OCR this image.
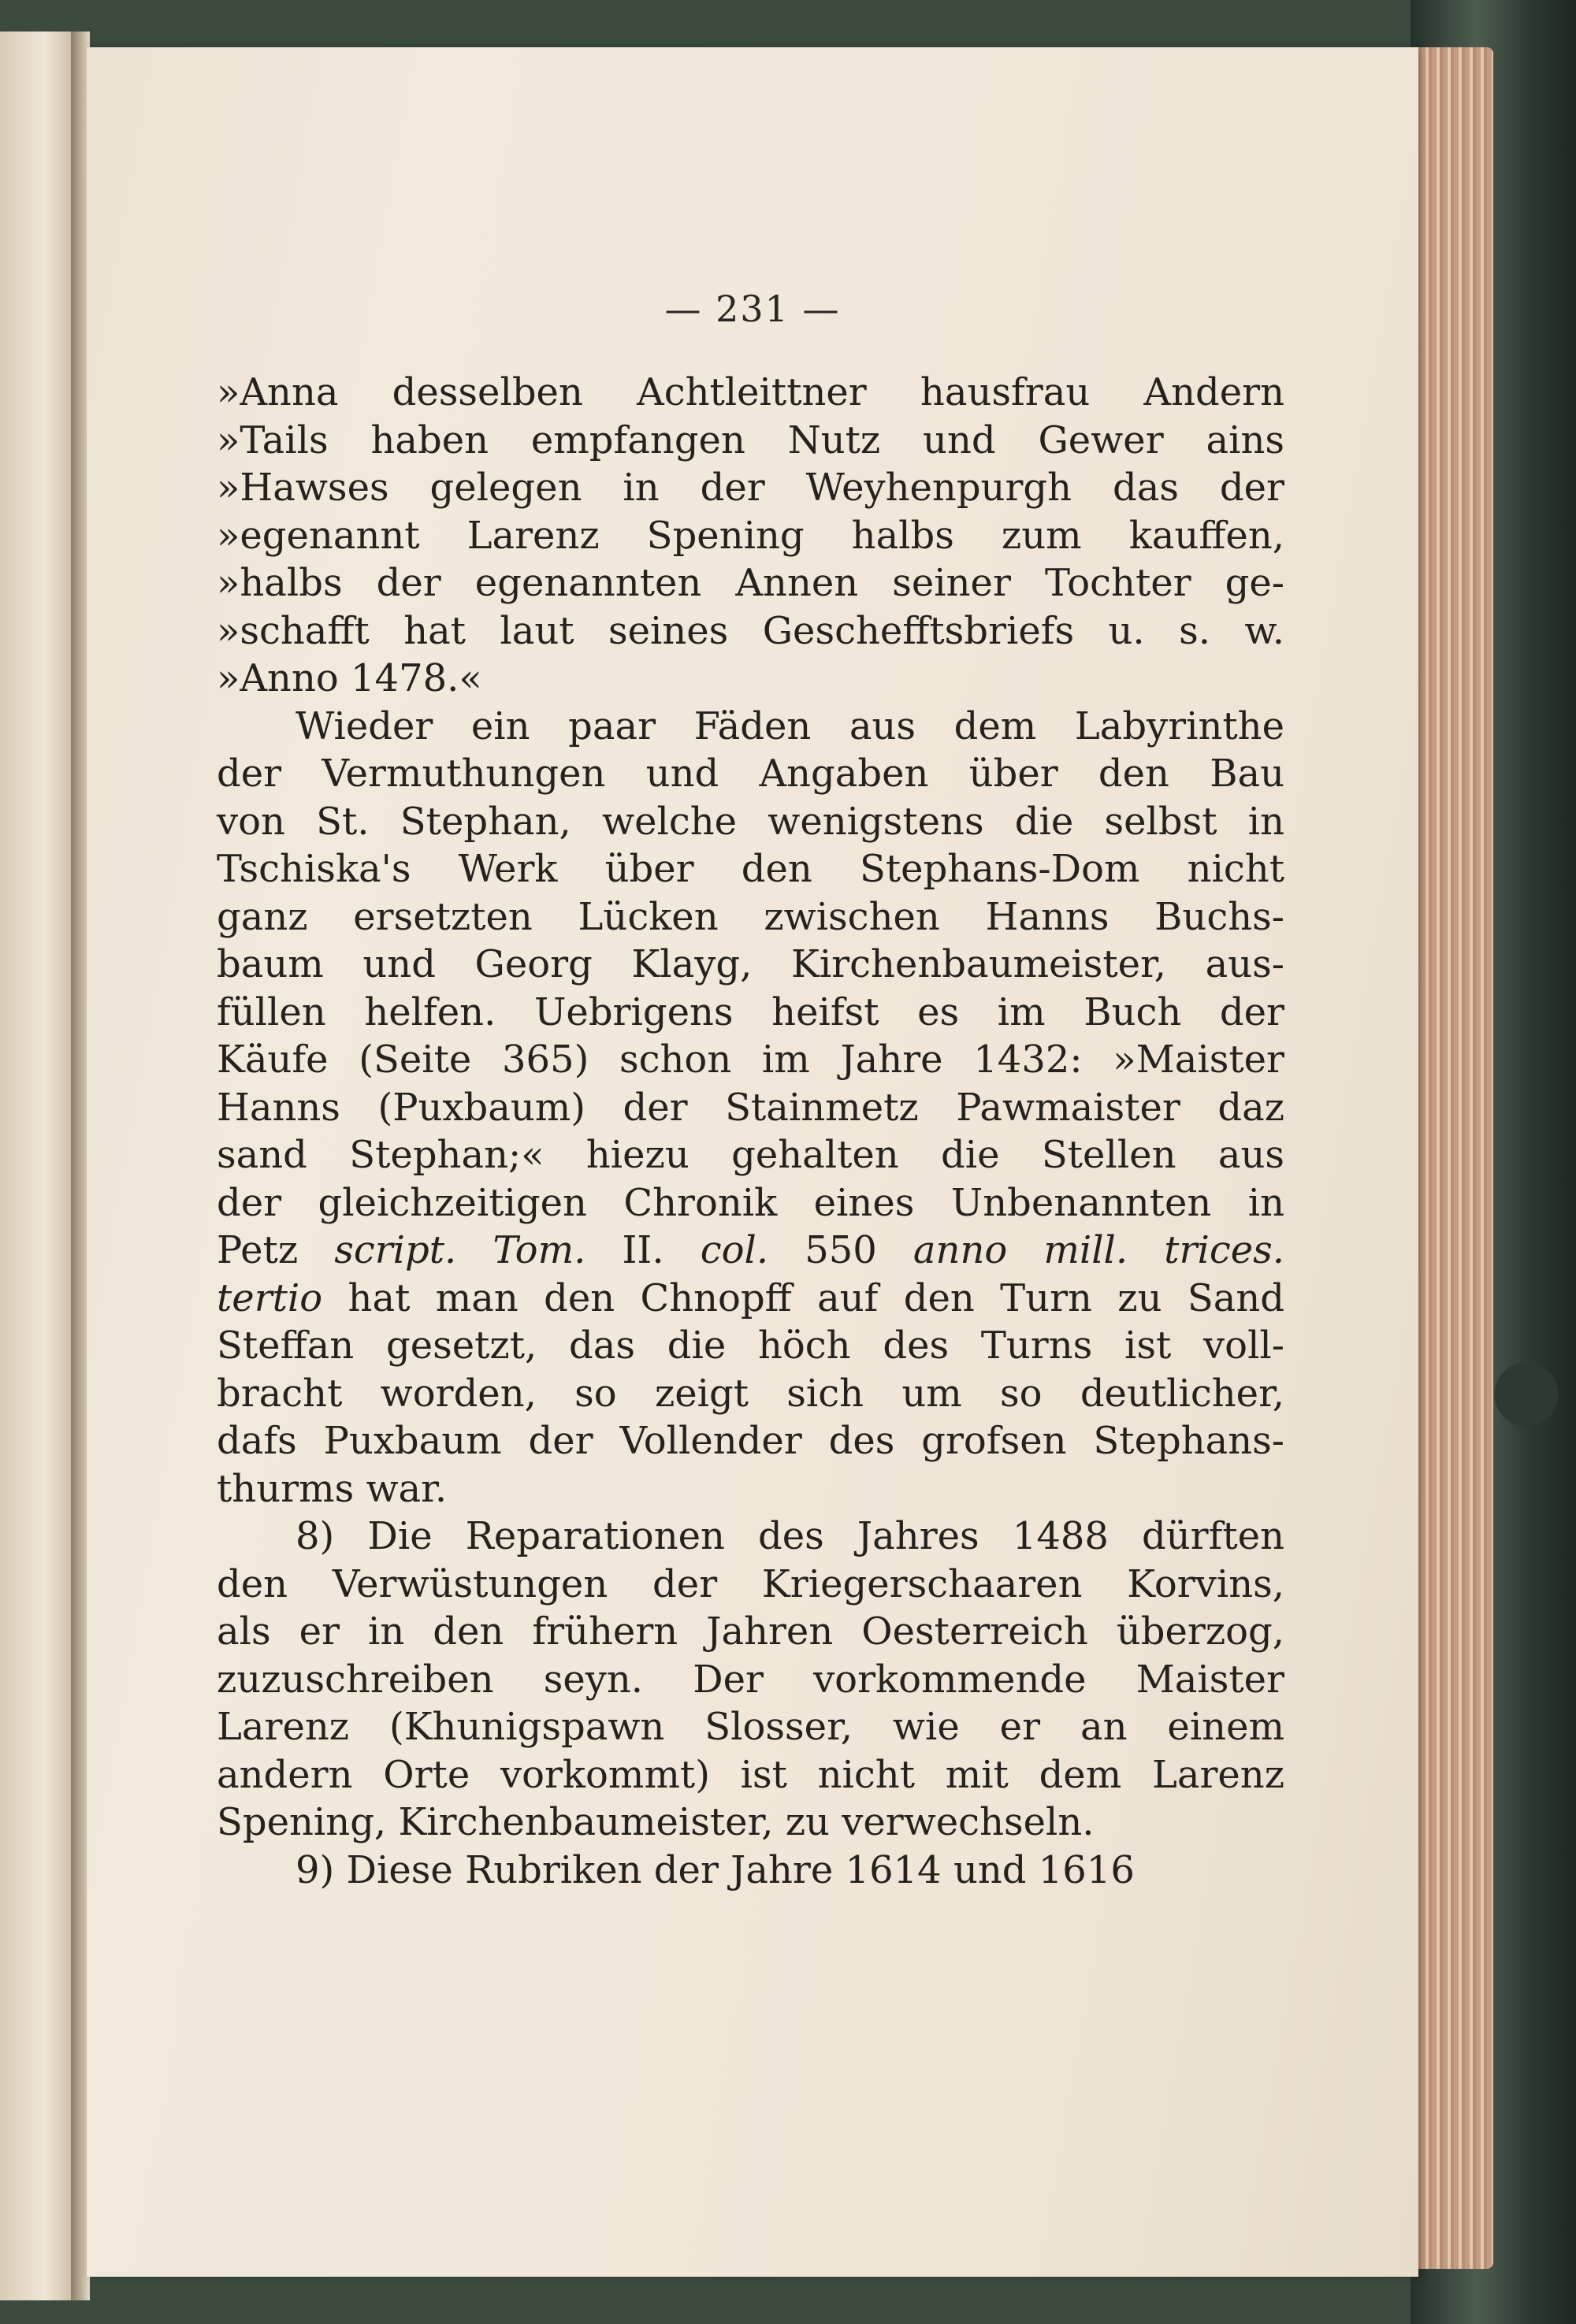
— 231 —
»Anna desselben Achtleittner hausfrau Andern
»Tails haben empfangen Nutz und Gewer ains
»Hawses gelegen in der Weyhenpurgh das der
»egenannt Larenz Spening halbs zum kauffen,
»halbs der egenannten Annen seiner Tochter ge-
»schafft hat laut seines Geschefftsbriefs u. s. w.
»Anno 1478.«
Wieder ein paar Fäden aus dem Labyrinthe
der Vermuthungen und Angaben über den Bau
von St. Stephan, welche wenigstens die selbst in
Tschiska's Werk über den Stephans-Dom nicht
ganz ersetzten Lücken zwischen Hanns Buchs-
baum und Georg Klayg, Kirchenbaumeister, aus-
füllen helfen. Uebrigens heifst es im Buch der
Käufe (Seite 365) schon im Jahre 1432: »Maister
Hanns (Puxbaum) der Stainmetz Pawmaister daz
sand Stephan;« hiezu gehalten die Stellen aus
der gleichzeitigen Chronik eines Unbenannten in
Petz script. Tom. II. col. 550 anno mill. trices.
tertio hat man den Chnopff auf den Turn zu Sand
Steffan gesetzt, das die höch des Turns ist voll-
bracht worden, so zeigt sich um so deutlicher,
dafs Puxbaum der Vollender des grofsen Stephans-
thurms war.
8) Die Reparationen des Jahres 1488 dürften
den Verwüstungen der Kriegerschaaren Korvins,
als er in den frühern Jahren Oesterreich überzog,
zuzuschreiben seyn. Der vorkommende Maister
Larenz (Khunigspawn Slosser, wie er an einem
andern Orte vorkommt) ist nicht mit dem Larenz
Spening, Kirchenbaumeister, zu verwechseln.
9) Diese Rubriken der Jahre 1614 und 1616
